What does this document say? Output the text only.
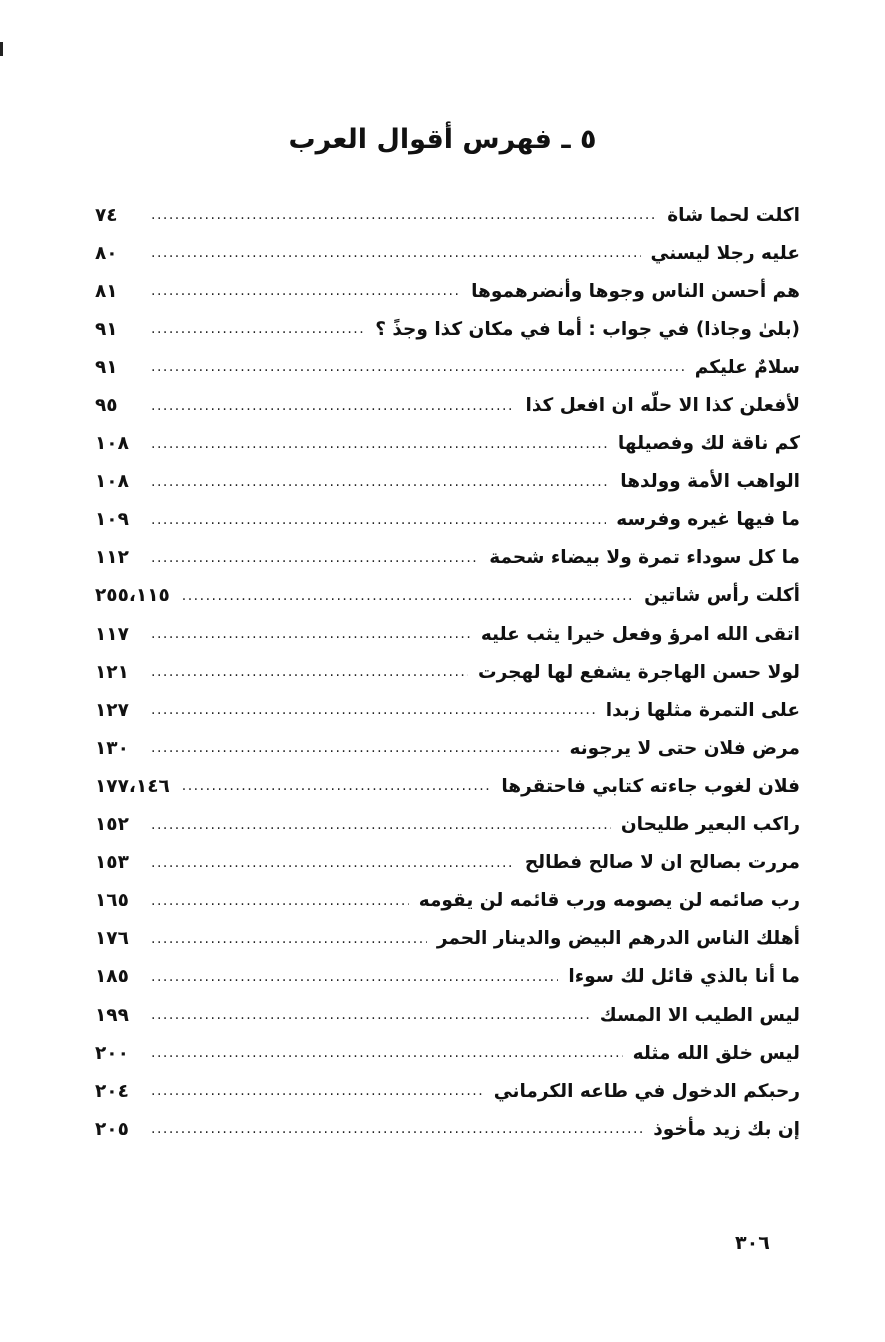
٥ ـ فهرس أقوال العرب
اكلت لحما شاة
.....
٧٤
عليه رجلا ليسني
.....
٨٠
هم أحسن الناس وجوها وأنضرهموها
.....
٨١
(بلىٰ وجاذا) في جواب : أما في مكان كذا وجذً ؟
.....
٩١
سلامٌ عليكم
.....
٩١
لأفعلن كذا الا حلّه ان افعل كذا
.....
٩٥
كم ناقة لك وفصيلها
.....
١٠٨
الواهب الأمة وولدها
.....
١٠٨
ما فيها غيره وفرسه
.....
١٠٩
ما كل سوداء تمرة ولا بيضاء شحمة
.....
١١٢
أكلت رأس شاتين
.....
٢٥٥،١١٥
اتقى الله امرؤ وفعل خيرا يثب عليه
.....
١١٧
لولا حسن الهاجرة يشفع لها لهجرت
.....
١٢١
على التمرة مثلها زبدا
.....
١٢٧
مرض فلان حتى لا يرجونه
.....
١٣٠
فلان لغوب جاءته كتابي فاحتقرها
.....
١٧٧،١٤٦
راكب البعير طليحان
.....
١٥٢
مررت بصالح ان لا صالح فطالح
.....
١٥٣
رب صائمه لن يصومه ورب قائمه لن يقومه
.....
١٦٥
أهلك الناس الدرهم البيض والدينار الحمر
.....
١٧٦
ما أنا بالذي قائل لك سوءا
.....
١٨٥
ليس الطيب الا المسك
.....
١٩٩
ليس خلق الله مثله
.....
٢٠٠
رحبكم الدخول في طاعه الكرماني
.....
٢٠٤
إن بك زيد مأخوذ
.....
٢٠٥
٣٠٦
